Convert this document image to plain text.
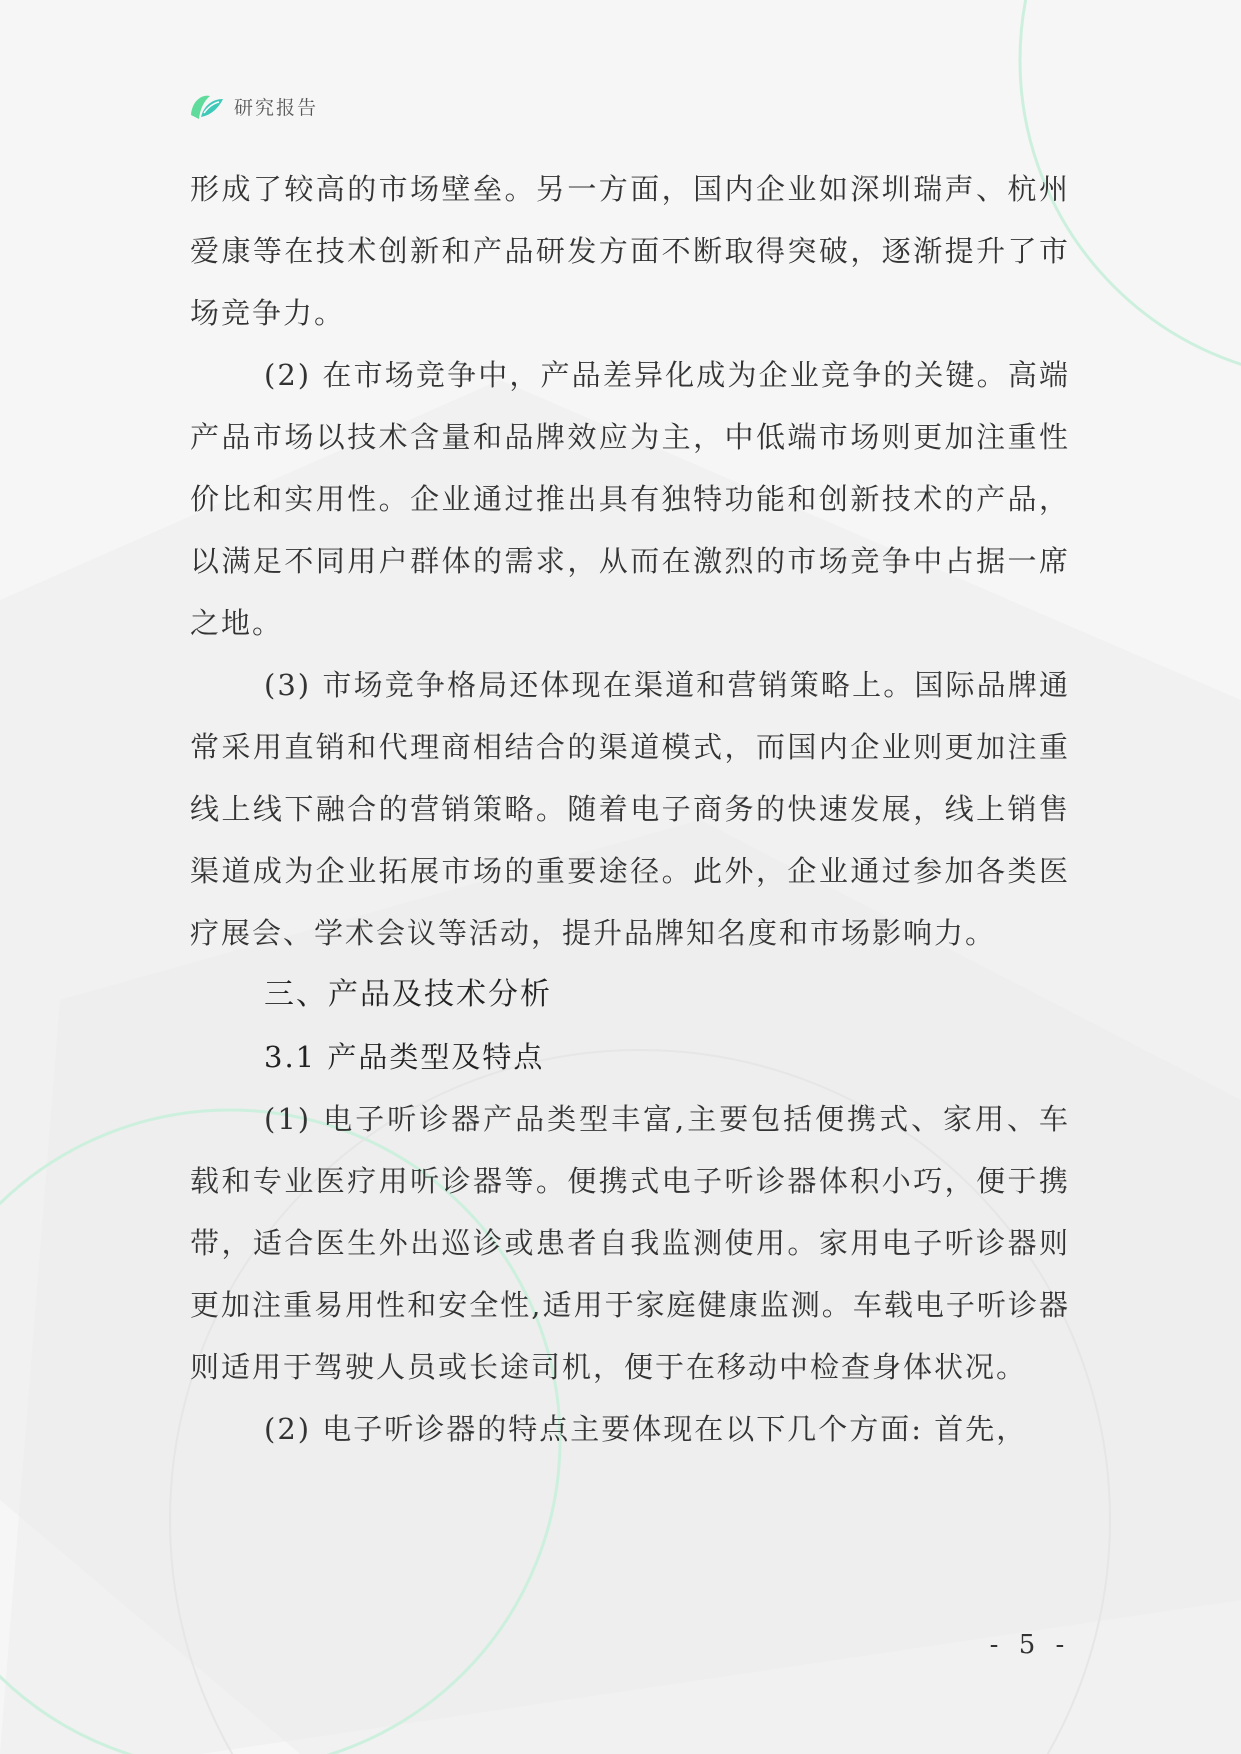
研究报告

形成了较高的市场壁垒。另一方面，国内企业如深圳瑞声、杭州爱康等在技术创新和产品研发方面不断取得突破，逐渐提升了市场竞争力。

(2) 在市场竞争中，产品差异化成为企业竞争的关键。高端产品市场以技术含量和品牌效应为主，中低端市场则更加注重性价比和实用性。企业通过推出具有独特功能和创新技术的产品，以满足不同用户群体的需求，从而在激烈的市场竞争中占据一席之地。

(3) 市场竞争格局还体现在渠道和营销策略上。国际品牌通常采用直销和代理商相结合的渠道模式，而国内企业则更加注重线上线下融合的营销策略。随着电子商务的快速发展，线上销售渠道成为企业拓展市场的重要途径。此外，企业通过参加各类医疗展会、学术会议等活动，提升品牌知名度和市场影响力。

三、产品及技术分析

3.1 产品类型及特点

(1) 电子听诊器产品类型丰富,主要包括便携式、家用、车载和专业医疗用听诊器等。便携式电子听诊器体积小巧，便于携带，适合医生外出巡诊或患者自我监测使用。家用电子听诊器则更加注重易用性和安全性,适用于家庭健康监测。车载电子听诊器则适用于驾驶人员或长途司机，便于在移动中检查身体状况。

(2) 电子听诊器的特点主要体现在以下几个方面: 首先，

- 5 -
